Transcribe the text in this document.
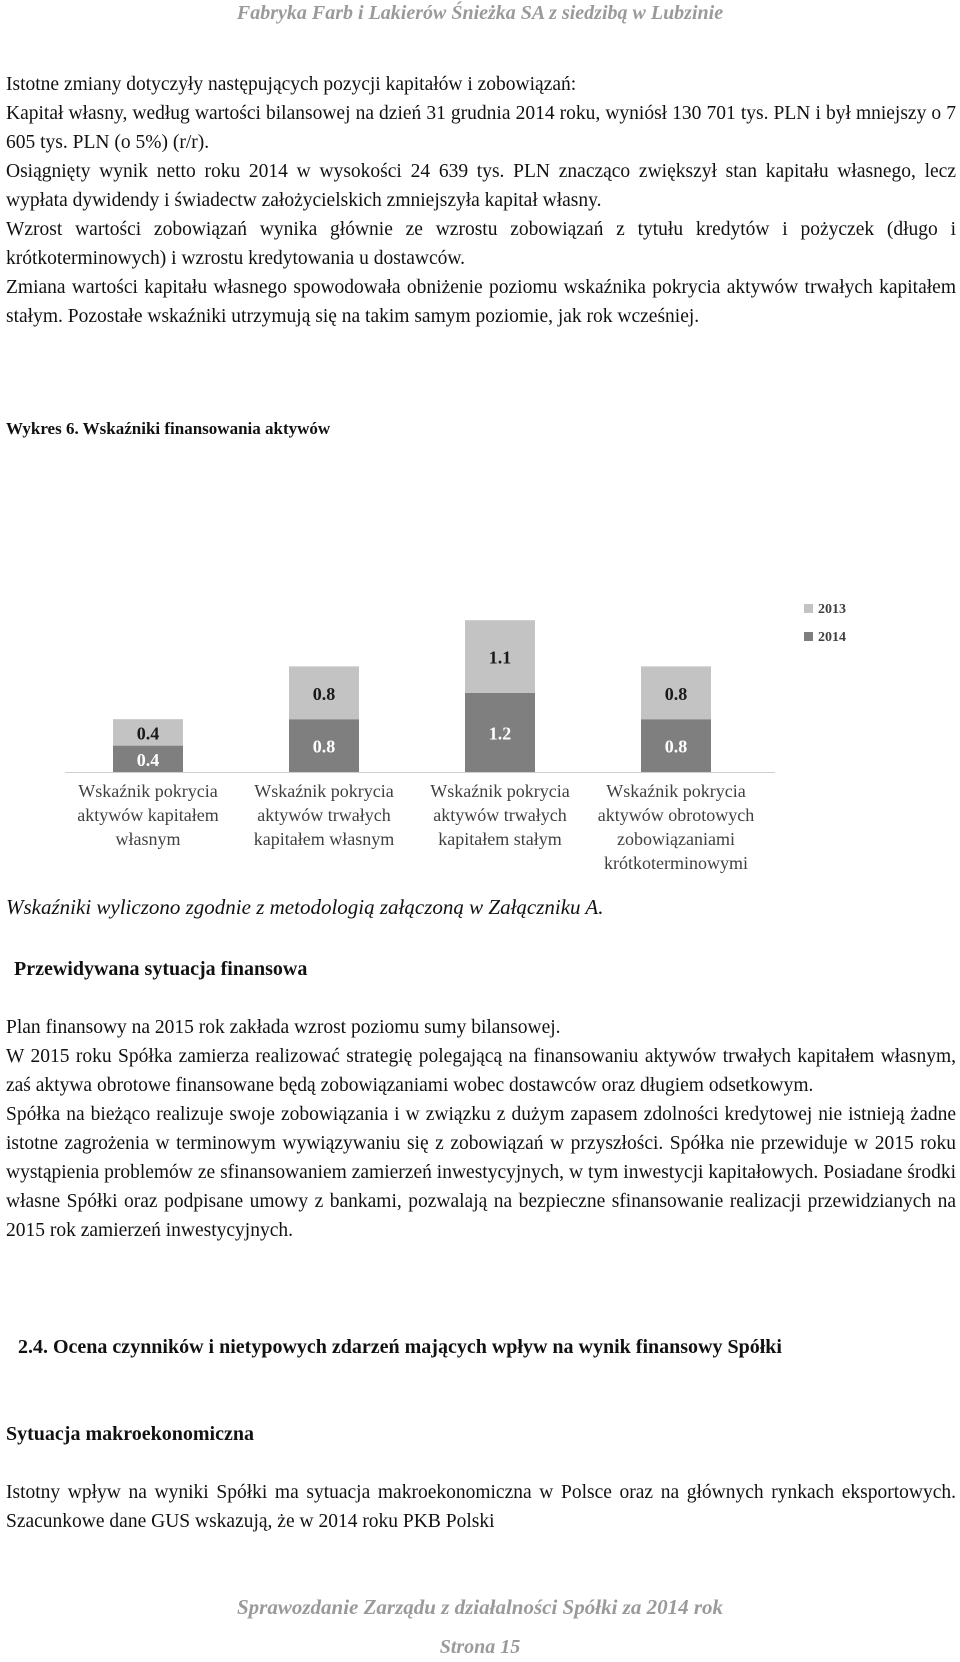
Fabryka Farb i Lakierów Śnieżka SA z siedzibą w Lubzinie

Istotne zmiany dotyczyły następujących pozycji kapitałów i zobowiązań:

Kapitał własny, według wartości bilansowej na dzień 31 grudnia 2014 roku, wyniósł 130 701 tys. PLN i był mniejszy o 7 605 tys. PLN (o 5%) (r/r).

Osiągnięty wynik netto roku 2014 w wysokości 24 639 tys. PLN znacząco zwiększył stan kapitału własnego, lecz wypłata dywidendy i świadectw założycielskich zmniejszyła kapitał własny.

Wzrost wartości zobowiązań wynika głównie ze wzrostu zobowiązań z tytułu kredytów i pożyczek (długo i krótkoterminowych) i wzrostu kredytowania u dostawców.

Zmiana wartości kapitału własnego spowodowała obniżenie poziomu wskaźnika pokrycia aktywów trwałych kapitałem stałym. Pozostałe wskaźniki utrzymują się na takim samym poziomie, jak rok wcześniej.

Wykres 6. Wskaźniki finansowania aktywów
0.4
0.4
Wskaźnik pokrycia
aktywów kapitałem
własnym
0.8
0.8
Wskaźnik pokrycia
aktywów trwałych
kapitałem własnym
1.2
1.1
Wskaźnik pokrycia
aktywów trwałych
kapitałem stałym
0.8
0.8
Wskaźnik pokrycia
aktywów obrotowych
zobowiązaniami
krótkoterminowymi
2013
2014
Wskaźniki wyliczono zgodnie z metodologią załączoną w Załączniku A.
Przewidywana sytuacja finansowa

Plan finansowy na 2015 rok zakłada wzrost poziomu sumy bilansowej.

W 2015 roku Spółka zamierza realizować strategię polegającą na finansowaniu aktywów trwałych kapitałem własnym, zaś aktywa obrotowe finansowane będą zobowiązaniami wobec dostawców oraz długiem odsetkowym.

Spółka na bieżąco realizuje swoje zobowiązania i w związku z dużym zapasem zdolności kredytowej nie istnieją żadne istotne zagrożenia w terminowym wywiązywaniu się z zobowiązań w przyszłości. Spółka nie przewiduje w 2015 roku wystąpienia problemów ze sfinansowaniem zamierzeń inwestycyjnych, w tym inwestycji kapitałowych. Posiadane środki własne Spółki oraz podpisane umowy z bankami, pozwalają na bezpieczne sfinansowanie realizacji przewidzianych na 2015 rok zamierzeń inwestycyjnych.

2.4. Ocena czynników i nietypowych zdarzeń mających wpływ na wynik finansowy Spółki
Sytuacja makroekonomiczna

Istotny wpływ na wyniki Spółki ma sytuacja makroekonomiczna w Polsce oraz na głównych rynkach eksportowych. Szacunkowe dane GUS wskazują, że w 2014 roku PKB Polski

Sprawozdanie Zarządu z działalności Spółki za 2014 rok
Strona 15
